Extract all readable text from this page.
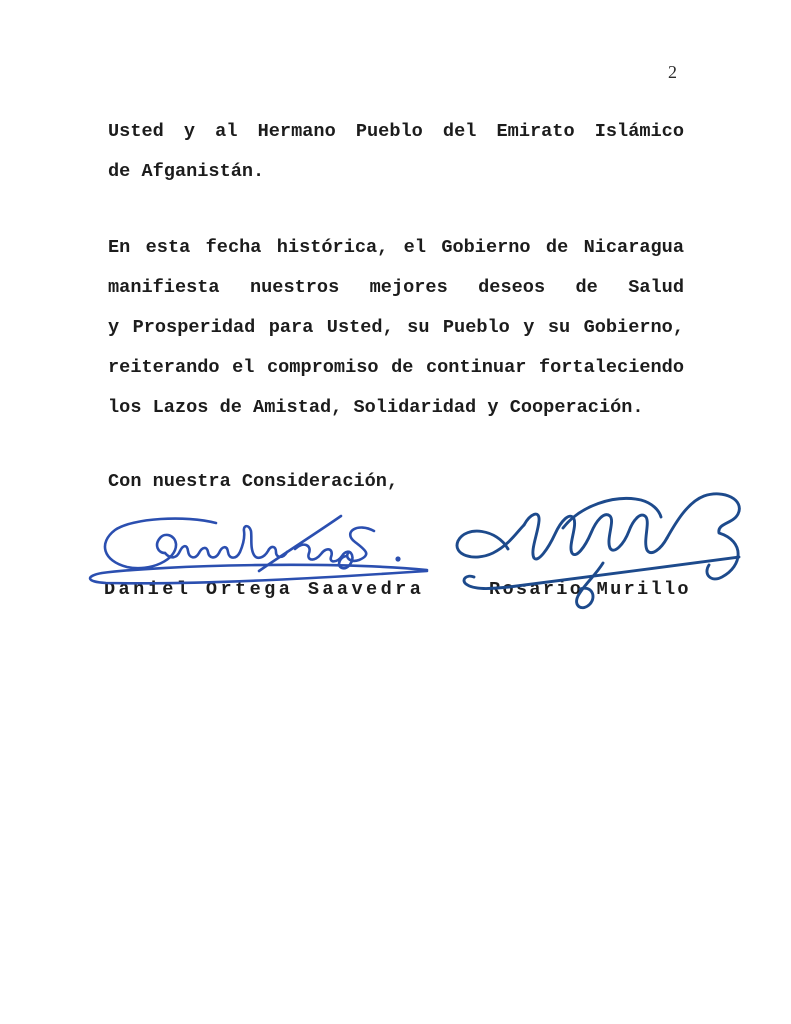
2
Usted y al Hermano Pueblo del Emirato Islámico
de Afganistán.
En esta fecha histórica, el Gobierno de Nicaragua
manifiesta nuestros mejores deseos de Salud
y Prosperidad para Usted, su Pueblo y su Gobierno,
reiterando el compromiso de continuar fortaleciendo
los Lazos de Amistad, Solidaridad y Cooperación.
Con nuestra Consideración,
Daniel Ortega Saavedra	Rosario Murillo
